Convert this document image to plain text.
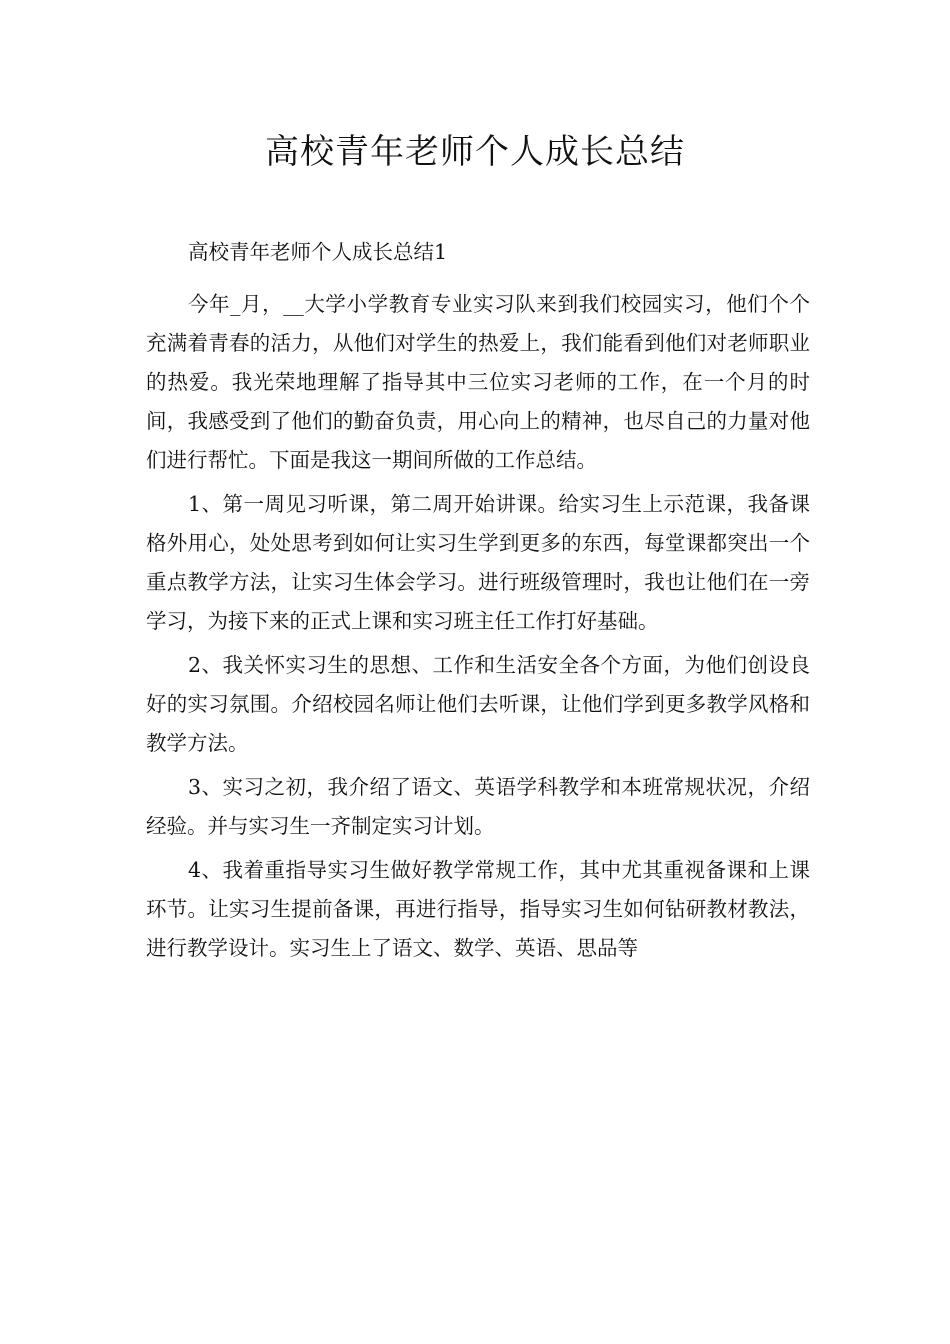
高校青年老师个人成长总结

高校青年老师个人成长总结1

今年_月，__大学小学教育专业实习队来到我们校园实习，他们个个充满着青春的活力，从他们对学生的热爱上，我们能看到他们对老师职业的热爱。我光荣地理解了指导其中三位实习老师的工作，在一个月的时间，我感受到了他们的勤奋负责，用心向上的精神，也尽自己的力量对他们进行帮忙。下面是我这一期间所做的工作总结。

1、第一周见习听课，第二周开始讲课。给实习生上示范课，我备课格外用心，处处思考到如何让实习生学到更多的东西，每堂课都突出一个重点教学方法，让实习生体会学习。进行班级管理时，我也让他们在一旁学习，为接下来的正式上课和实习班主任工作打好基础。

2、我关怀实习生的思想、工作和生活安全各个方面，为他们创设良好的实习氛围。介绍校园名师让他们去听课，让他们学到更多教学风格和教学方法。

3、实习之初，我介绍了语文、英语学科教学和本班常规状况，介绍经验。并与实习生一齐制定实习计划。

4、我着重指导实习生做好教学常规工作，其中尤其重视备课和上课环节。让实习生提前备课，再进行指导，指导实习生如何钻研教材教法，进行教学设计。实习生上了语文、数学、英语、思品等
